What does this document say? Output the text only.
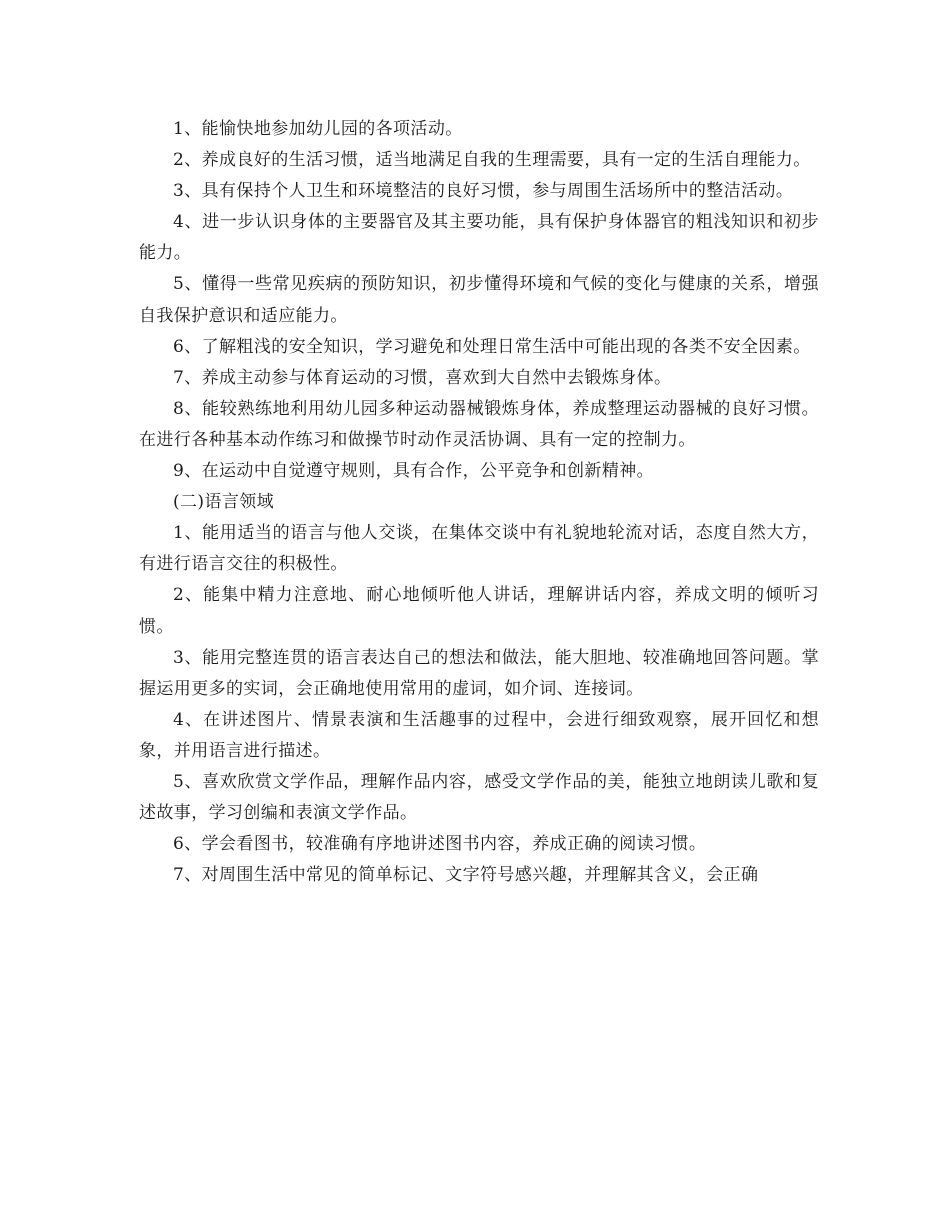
1、能愉快地参加幼儿园的各项活动。

2、养成良好的生活习惯，适当地满足自我的生理需要，具有一定的生活自理能力。

3、具有保持个人卫生和环境整洁的良好习惯，参与周围生活场所中的整洁活动。

4、进一步认识身体的主要器官及其主要功能，具有保护身体器官的粗浅知识和初步能力。

5、懂得一些常见疾病的预防知识，初步懂得环境和气候的变化与健康的关系，增强自我保护意识和适应能力。

6、了解粗浅的安全知识，学习避免和处理日常生活中可能出现的各类不安全因素。

7、养成主动参与体育运动的习惯，喜欢到大自然中去锻炼身体。

8、能较熟练地利用幼儿园多种运动器械锻炼身体，养成整理运动器械的良好习惯。在进行各种基本动作练习和做操节时动作灵活协调、具有一定的控制力。

9、在运动中自觉遵守规则，具有合作，公平竞争和创新精神。

(二)语言领域

1、能用适当的语言与他人交谈，在集体交谈中有礼貌地轮流对话，态度自然大方，有进行语言交往的积极性。

2、能集中精力注意地、耐心地倾听他人讲话，理解讲话内容，养成文明的倾听习惯。

3、能用完整连贯的语言表达自己的想法和做法，能大胆地、较准确地回答问题。掌握运用更多的实词，会正确地使用常用的虚词，如介词、连接词。

4、在讲述图片、情景表演和生活趣事的过程中，会进行细致观察，展开回忆和想象，并用语言进行描述。

5、喜欢欣赏文学作品，理解作品内容，感受文学作品的美，能独立地朗读儿歌和复述故事，学习创编和表演文学作品。

6、学会看图书，较准确有序地讲述图书内容，养成正确的阅读习惯。

7、对周围生活中常见的简单标记、文字符号感兴趣，并理解其含义，会正确
